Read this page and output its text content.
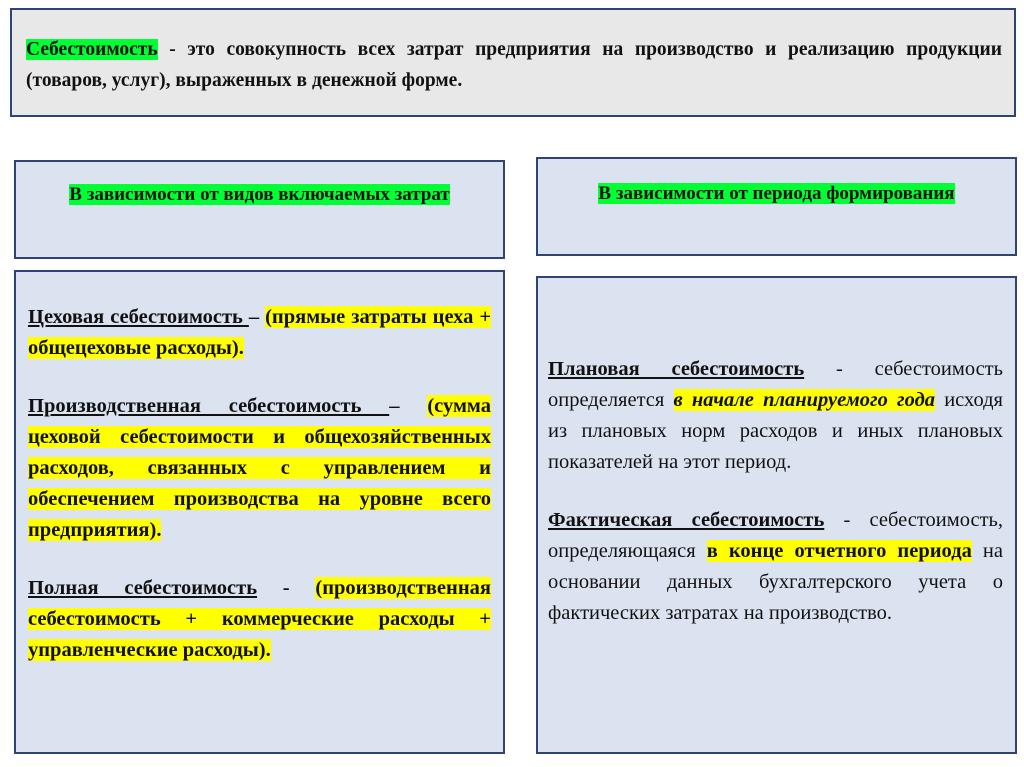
Себестоимость - это совокупность всех затрат предприятия на производство и реализацию продукции (товаров, услуг), выраженных в денежной форме.
В зависимости от видов включаемых затрат	В зависимости от периода формирования

Цеховая себестоимость – (прямые затраты цеха + общецеховые расходы).

Производственная себестоимость – (сумма цеховой себестоимости и общехозяйственных расходов, связанных с управлением и обеспечением производства на уровне всего предприятия).

Полная себестоимость - (производственная себестоимость + коммерческие расходы + управленческие расходы).

Плановая себестоимость - себестоимость определяется в начале планируемого года исходя из плановых норм расходов и иных плановых показателей на этот период.

Фактическая себестоимость - себестоимость, определяющаяся в конце отчетного периода на основании данных бухгалтерского учета о фактических затратах на производство.
